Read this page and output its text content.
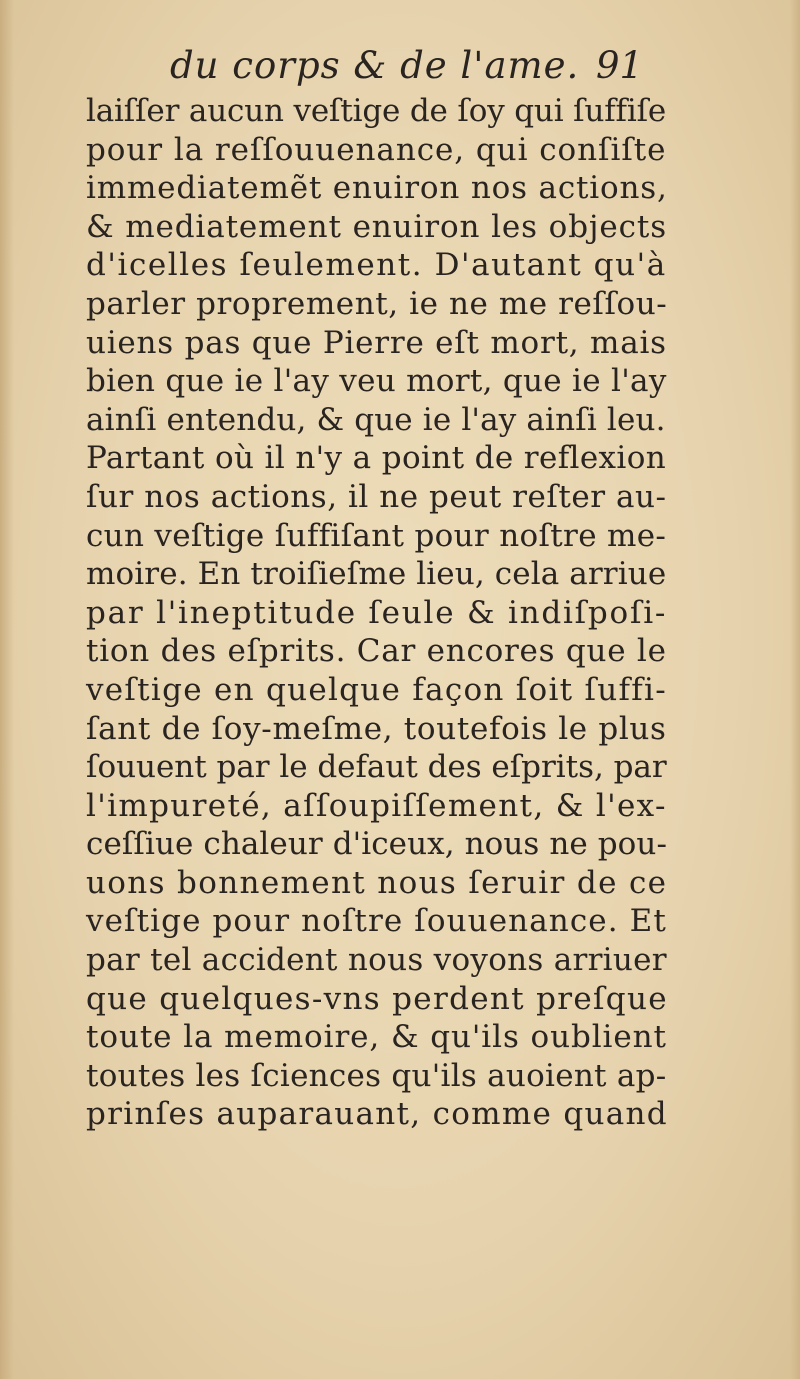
du corps & de l'ame. 91
laiſſer aucun veſtige de ſoy qui ſuffiſe
pour la reſſouuenance, qui conſiſte
immediatemẽt enuiron nos actions,
& mediatement enuiron les objects
d'icelles ſeulement. D'autant qu'à
parler proprement, ie ne me reſſou-
uiens pas que Pierre eſt mort, mais
bien que ie l'ay veu mort, que ie l'ay
ainſi entendu, & que ie l'ay ainſi leu.
Partant où il n'y a point de reflexion
ſur nos actions, il ne peut reſter au-
cun veſtige ſuffiſant pour noſtre me-
moire. En troiſieſme lieu, cela arriue
par l'ineptitude ſeule & indiſpoſi-
tion des eſprits. Car encores que le
veſtige en quelque façon ſoit ſuffi-
ſant de ſoy-meſme, toutefois le plus
ſouuent par le defaut des eſprits, par
l'impureté, aſſoupiſſement, & l'ex-
ceſſiue chaleur d'iceux, nous ne pou-
uons bonnement nous ſeruir de ce
veſtige pour noſtre ſouuenance. Et
par tel accident nous voyons arriuer
que quelques-vns perdent preſque
toute la memoire, & qu'ils oublient
toutes les ſciences qu'ils auoient ap-
prinſes auparauant, comme quand
